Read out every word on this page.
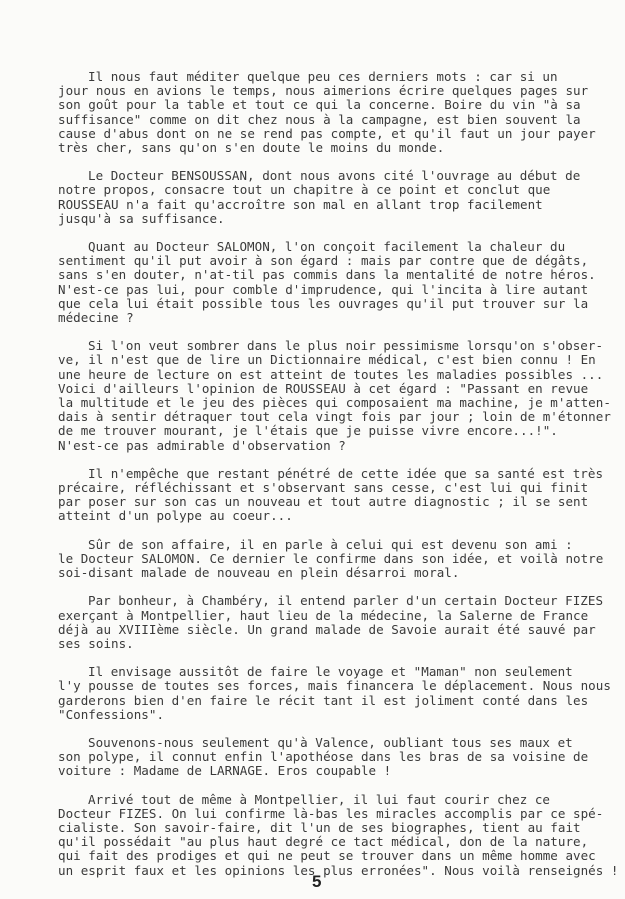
Il nous faut méditer quelque peu ces derniers mots : car si un
jour nous en avions le temps, nous aimerions écrire quelques pages sur
son goût pour la table et tout ce qui la concerne. Boire du vin "à sa
suffisance" comme on dit chez nous à la campagne, est bien souvent la
cause d'abus dont on ne se rend pas compte, et qu'il faut un jour payer
très cher, sans qu'on s'en doute le moins du monde.

Le Docteur BENSOUSSAN, dont nous avons cité l'ouvrage au début de
notre propos, consacre tout un chapitre à ce point et conclut que
ROUSSEAU n'a fait qu'accroître son mal en allant trop facilement
jusqu'à sa suffisance.

Quant au Docteur SALOMON, l'on conçoit facilement la chaleur du
sentiment qu'il put avoir à son égard : mais par contre que de dégâts,
sans s'en douter, n'at-til pas commis dans la mentalité de notre héros.
N'est-ce pas lui, pour comble d'imprudence, qui l'incita à lire autant
que cela lui était possible tous les ouvrages qu'il put trouver sur la
médecine ?

Si l'on veut sombrer dans le plus noir pessimisme lorsqu'on s'obser-
ve, il n'est que de lire un Dictionnaire médical, c'est bien connu ! En
une heure de lecture on est atteint de toutes les maladies possibles ...
Voici d'ailleurs l'opinion de ROUSSEAU à cet égard : "Passant en revue
la multitude et le jeu des pièces qui composaient ma machine, je m'atten-
dais à sentir détraquer tout cela vingt fois par jour ; loin de m'étonner
de me trouver mourant, je l'étais que je puisse vivre encore...!".
N'est-ce pas admirable d'observation ?

Il n'empêche que restant pénétré de cette idée que sa santé est très
précaire, réfléchissant et s'observant sans cesse, c'est lui qui finit
par poser sur son cas un nouveau et tout autre diagnostic ; il se sent
atteint d'un polype au coeur...

Sûr de son affaire, il en parle à celui qui est devenu son ami :
le Docteur SALOMON. Ce dernier le confirme dans son idée, et voilà notre
soi-disant malade de nouveau en plein désarroi moral.

Par bonheur, à Chambéry, il entend parler d'un certain Docteur FIZES
exerçant à Montpellier, haut lieu de la médecine, la Salerne de France
déjà au XVIIIème siècle. Un grand malade de Savoie aurait été sauvé par
ses soins.

Il envisage aussitôt de faire le voyage et "Maman" non seulement
l'y pousse de toutes ses forces, mais financera le déplacement. Nous nous
garderons bien d'en faire le récit tant il est joliment conté dans les
"Confessions".

Souvenons-nous seulement qu'à Valence, oubliant tous ses maux et
son polype, il connut enfin l'apothéose dans les bras de sa voisine de
voiture : Madame de LARNAGE. Eros coupable !

Arrivé tout de même à Montpellier, il lui faut courir chez ce
Docteur FIZES. On lui confirme là-bas les miracles accomplis par ce spé-
cialiste. Son savoir-faire, dit l'un de ses biographes, tient au fait
qu'il possédait "au plus haut degré ce tact médical, don de la nature,
qui fait des prodiges et qui ne peut se trouver dans un même homme avec
un esprit faux et les opinions les plus erronées". Nous voilà renseignés !

5
